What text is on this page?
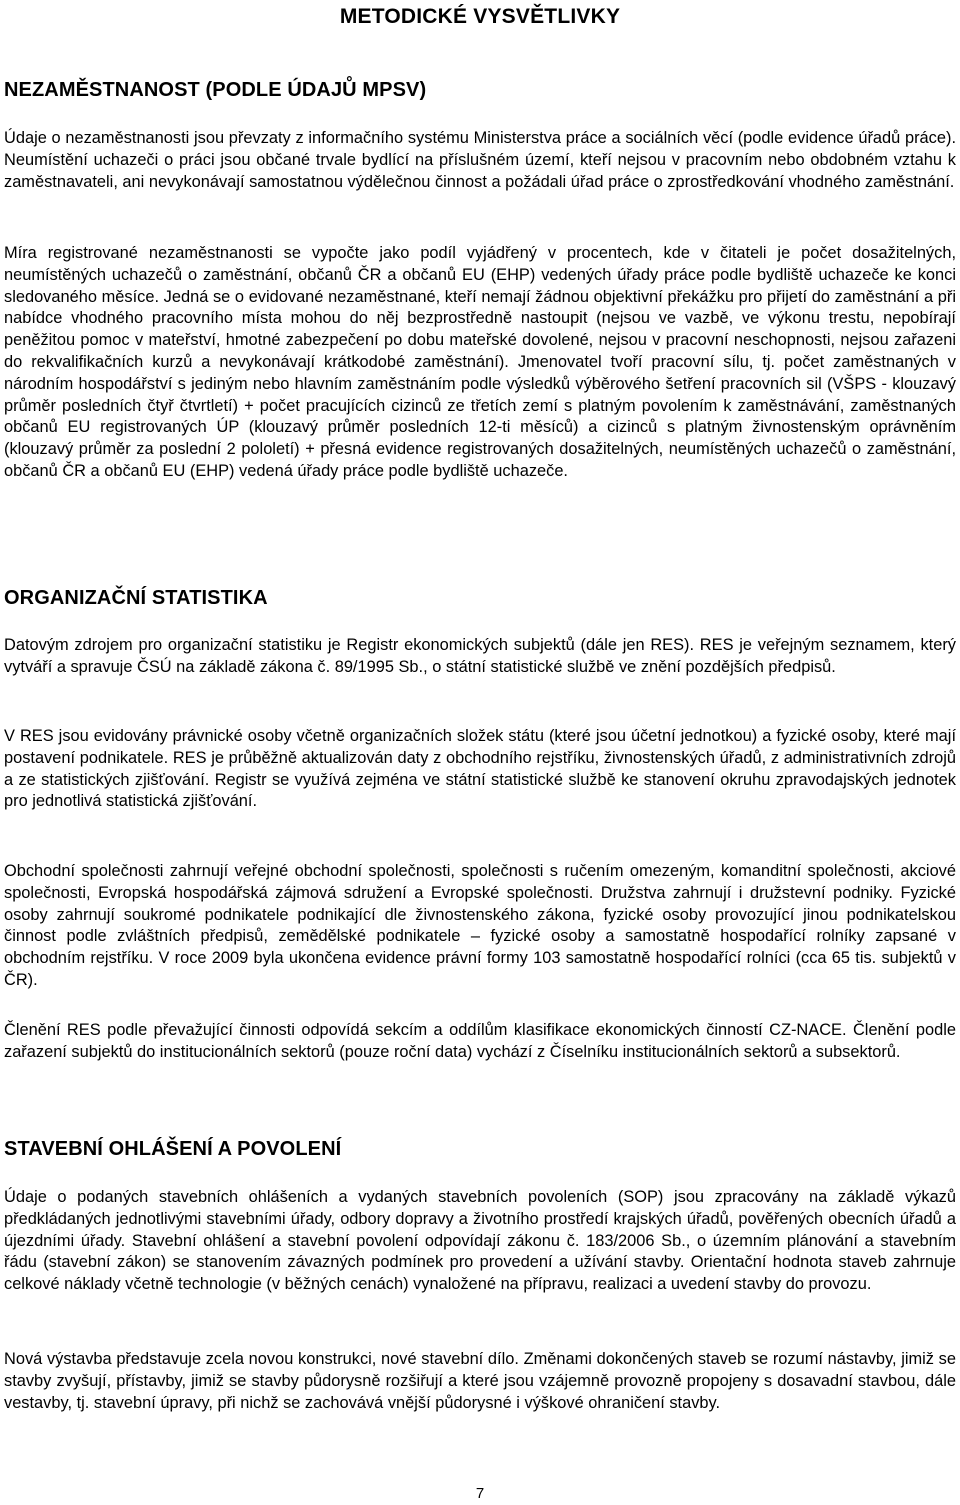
METODICKÉ VYSVĚTLIVKY
NEZAMĚSTNANOST (PODLE ÚDAJŮ MPSV)

Údaje o nezaměstnanosti jsou převzaty z informačního systému Ministerstva práce a sociálních věcí (podle evidence úřadů práce). Neumístění uchazeči o práci jsou občané trvale bydlící na příslušném území, kteří nejsou v pracovním nebo obdobném vztahu k zaměstnavateli, ani nevykonávají samostatnou výdělečnou činnost a požádali úřad práce o zprostředkování vhodného zaměstnání.

Míra registrované nezaměstnanosti se vypočte jako podíl vyjádřený v procentech, kde v čitateli je počet dosažitelných, neumístěných uchazečů o zaměstnání, občanů ČR a občanů EU (EHP) vedených úřady práce podle bydliště uchazeče ke konci sledovaného měsíce. Jedná se o evidované nezaměstnané, kteří nemají žádnou objektivní překážku pro přijetí do zaměstnání a při nabídce vhodného pracovního místa mohou do něj bezprostředně nastoupit (nejsou ve vazbě, ve výkonu trestu, nepobírají peněžitou pomoc v mateřství, hmotné zabezpečení po dobu mateřské dovolené, nejsou v pracovní neschopnosti, nejsou zařazeni do rekvalifikačních kurzů a nevykonávají krátkodobé zaměstnání). Jmenovatel tvoří pracovní sílu, tj. počet zaměstnaných v národním hospodářství s jediným nebo hlavním zaměstnáním podle výsledků výběrového šetření pracovních sil (VŠPS - klouzavý průměr posledních čtyř čtvrtletí) + počet pracujících cizinců ze třetích zemí s platným povolením k zaměstnávání, zaměstnaných občanů EU registrovaných ÚP (klouzavý průměr posledních 12-ti měsíců) a cizinců s platným živnostenským oprávněním (klouzavý průměr za poslední 2 pololetí) + přesná evidence registrovaných dosažitelných, neumístěných uchazečů o zaměstnání, občanů ČR a občanů EU (EHP) vedená úřady práce podle bydliště uchazeče.

ORGANIZAČNÍ STATISTIKA

Datovým zdrojem pro organizační statistiku je Registr ekonomických subjektů (dále jen RES). RES je veřejným seznamem, který vytváří a spravuje ČSÚ na základě zákona č. 89/1995 Sb., o státní statistické službě ve znění pozdějších předpisů.

V RES jsou evidovány právnické osoby včetně organizačních složek státu (které jsou účetní jednotkou) a fyzické osoby, které mají postavení podnikatele. RES je průběžně aktualizován daty z obchodního rejstříku, živnostenských úřadů, z administrativních zdrojů a ze statistických zjišťování. Registr se využívá zejména ve státní statistické službě ke stanovení okruhu zpravodajských jednotek pro jednotlivá statistická zjišťování.

Obchodní společnosti zahrnují veřejné obchodní společnosti, společnosti s ručením omezeným, komanditní společnosti, akciové společnosti, Evropská hospodářská zájmová sdružení a Evropské společnosti. Družstva zahrnují i družstevní podniky. Fyzické osoby zahrnují soukromé podnikatele podnikající dle živnostenského zákona, fyzické osoby provozující jinou podnikatelskou činnost podle zvláštních předpisů, zemědělské podnikatele – fyzické osoby a samostatně hospodařící rolníky zapsané v obchodním rejstříku. V roce 2009 byla ukončena evidence právní formy 103 samostatně hospodařící rolníci (cca 65 tis. subjektů v ČR).

Členění RES podle převažující činnosti odpovídá sekcím a oddílům klasifikace ekonomických činností CZ-NACE. Členění podle zařazení subjektů do institucionálních sektorů (pouze roční data) vychází z Číselníku institucionálních sektorů a subsektorů.

STAVEBNÍ OHLÁŠENÍ A POVOLENÍ

Údaje o podaných stavebních ohlášeních a vydaných stavebních povoleních (SOP) jsou zpracovány na základě výkazů předkládaných jednotlivými stavebními úřady, odbory dopravy a životního prostředí krajských úřadů, pověřených obecních úřadů a újezdními úřady. Stavební ohlášení a stavební povolení odpovídají zákonu č. 183/2006 Sb., o územním plánování a stavebním řádu (stavební zákon) se stanovením závazných podmínek pro provedení a užívání stavby. Orientační hodnota staveb zahrnuje celkové náklady včetně technologie (v běžných cenách) vynaložené na přípravu, realizaci a uvedení stavby do provozu.

Nová výstavba představuje zcela novou konstrukci, nové stavební dílo. Změnami dokončených staveb se rozumí nástavby, jimiž se stavby zvyšují, přístavby, jimiž se stavby půdorysně rozšiřují a které jsou vzájemně provozně propojeny s dosavadní stavbou, dále vestavby, tj. stavební úpravy, při nichž se zachovává vnější půdorysné i výškové ohraničení stavby.

7
